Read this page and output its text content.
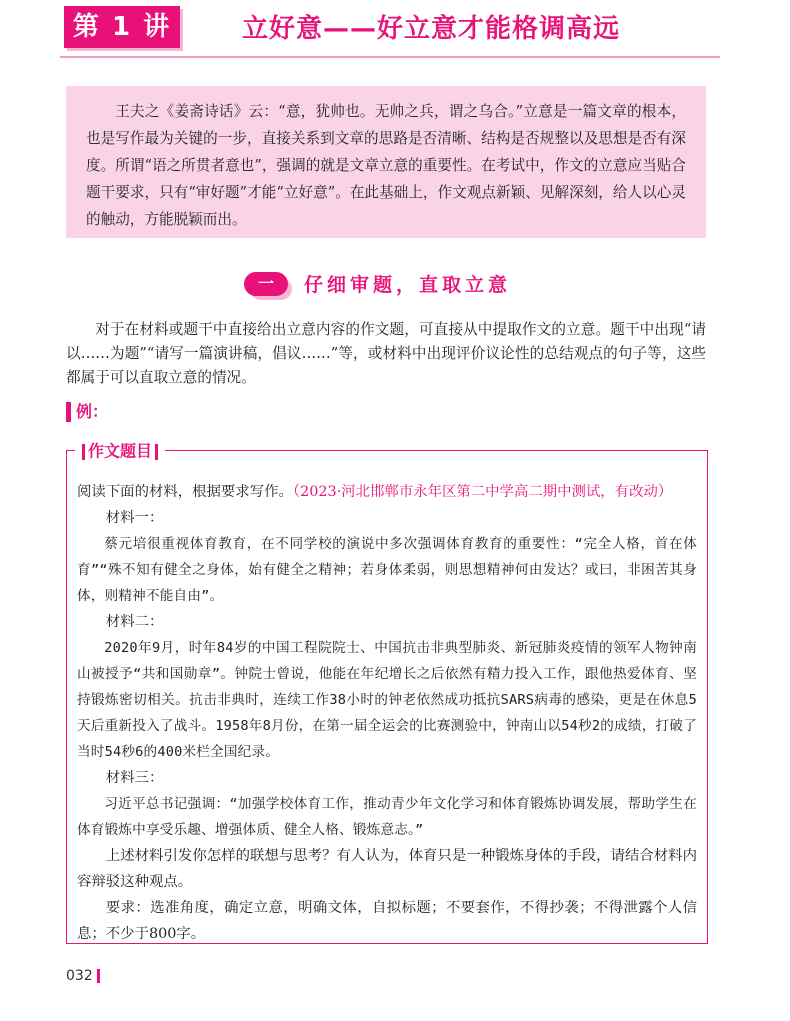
第 1 讲	立好意——好立意才能格调高远

王夫之《姜斋诗话》云：“意，犹帅也。无帅之兵，谓之乌合。”立意是一篇文章的根本，也是写作最为关键的一步，直接关系到文章的思路是否清晰、结构是否规整以及思想是否有深度。所谓“语之所贯者意也”，强调的就是文章立意的重要性。在考试中，作文的立意应当贴合题干要求，只有“审好题”才能“立好意”。在此基础上，作文观点新颖、见解深刻，给人以心灵的触动，方能脱颖而出。

一	仔细审题，直取立意

对于在材料或题干中直接给出立意内容的作文题，可直接从中提取作文的立意。题干中出现“请以……为题”“请写一篇演讲稿，倡议……”等，或材料中出现评价议论性的总结观点的句子等，这些都属于可以直取立意的情况。

例：
作文题目

阅读下面的材料，根据要求写作。（2023·河北邯郸市永年区第二中学高二期中测试，有改动）

材料一：

蔡元培很重视体育教育，在不同学校的演说中多次强调体育教育的重要性：“完全人格，首在体育”“殊不知有健全之身体，始有健全之精神；若身体柔弱，则思想精神何由发达？或曰，非困苦其身体，则精神不能自由”。

材料二：

2020年9月，时年84岁的中国工程院院士、中国抗击非典型肺炎、新冠肺炎疫情的领军人物钟南山被授予“共和国勋章”。钟院士曾说，他能在年纪增长之后依然有精力投入工作，跟他热爱体育、坚持锻炼密切相关。抗击非典时，连续工作38小时的钟老依然成功抵抗SARS病毒的感染，更是在休息5天后重新投入了战斗。1958年8月份，在第一届全运会的比赛测验中，钟南山以54秒2的成绩，打破了当时54秒6的400米栏全国纪录。

材料三：

习近平总书记强调：“加强学校体育工作，推动青少年文化学习和体育锻炼协调发展，帮助学生在体育锻炼中享受乐趣、增强体质、健全人格、锻炼意志。”

上述材料引发你怎样的联想与思考？有人认为，体育只是一种锻炼身体的手段，请结合材料内容辩驳这种观点。

要求：选准角度，确定立意，明确文体，自拟标题；不要套作，不得抄袭；不得泄露个人信息；不少于800字。

032
